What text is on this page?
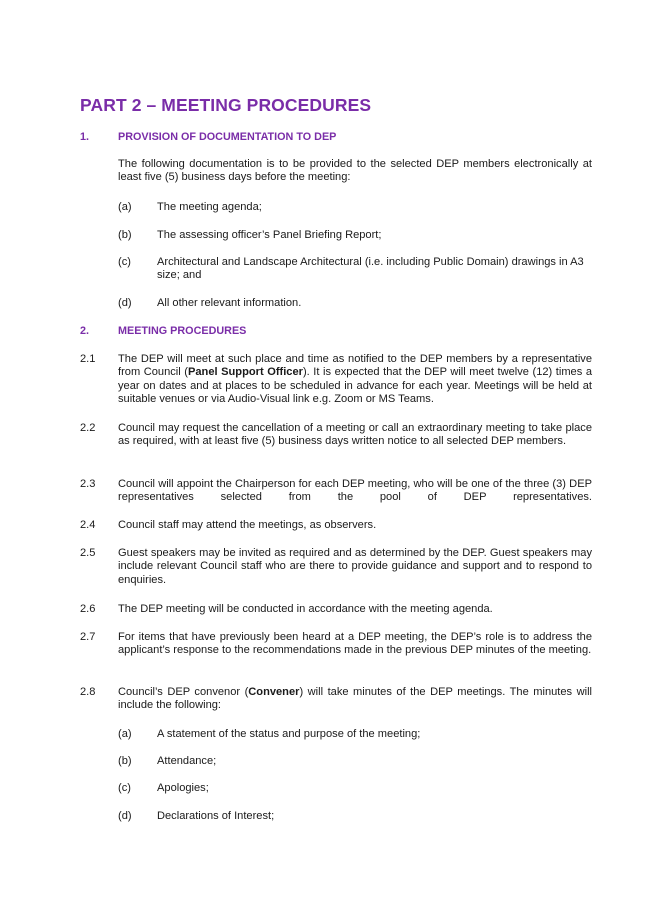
PART 2 – MEETING PROCEDURES
1.	PROVISION OF DOCUMENTATION TO DEP
The following documentation is to be provided to the selected DEP members electronically at least five (5) business days before the meeting:
(a) The meeting agenda;
(b) The assessing officer’s Panel Briefing Report;
(c) Architectural and Landscape Architectural (i.e. including Public Domain) drawings in A3 size; and
(d) All other relevant information.
2.	MEETING PROCEDURES
2.1 The DEP will meet at such place and time as notified to the DEP members by a representative from Council (Panel Support Officer). It is expected that the DEP will meet twelve (12) times a year on dates and at places to be scheduled in advance for each year. Meetings will be held at suitable venues or via Audio-Visual link e.g. Zoom or MS Teams.
2.2 Council may request the cancellation of a meeting or call an extraordinary meeting to take place as required, with at least five (5) business days written notice to all selected DEP members.
2.3 Council will appoint the Chairperson for each DEP meeting, who will be one of the three (3) DEP representatives selected from the pool of DEP representatives.
2.4 Council staff may attend the meetings, as observers.
2.5 Guest speakers may be invited as required and as determined by the DEP. Guest speakers may include relevant Council staff who are there to provide guidance and support and to respond to enquiries.
2.6 The DEP meeting will be conducted in accordance with the meeting agenda.
2.7 For items that have previously been heard at a DEP meeting, the DEP’s role is to address the applicant’s response to the recommendations made in the previous DEP minutes of the meeting.
2.8 Council’s DEP convenor (Convener) will take minutes of the DEP meetings. The minutes will include the following:
(a) A statement of the status and purpose of the meeting;
(b) Attendance;
(c) Apologies;
(d) Declarations of Interest;
